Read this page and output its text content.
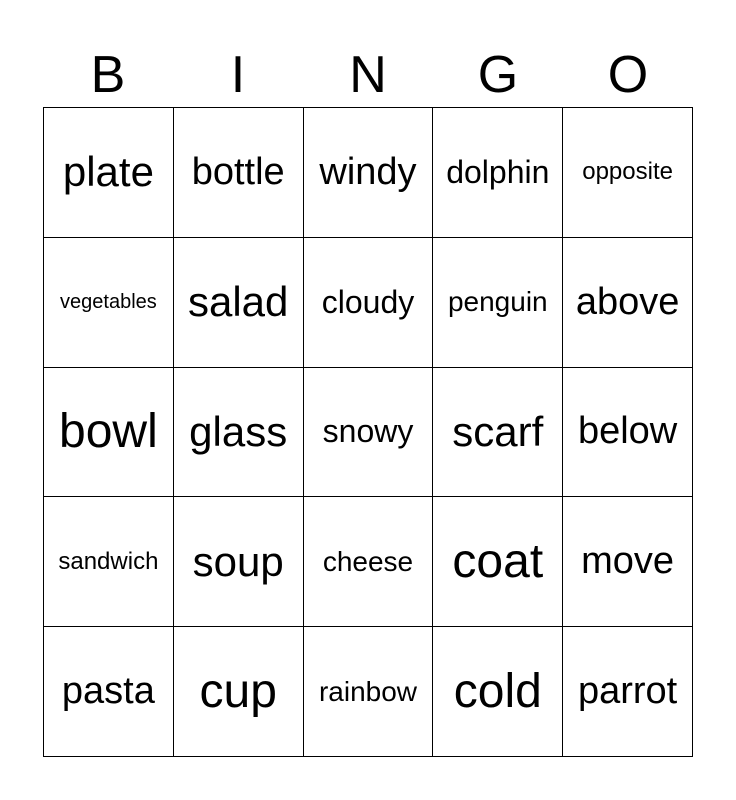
B	I	N	G	O
plate bottle windy dolphin opposite
vegetables salad cloudy penguin above
bowl glass snowy scarf below
sandwich soup cheese coat move
pasta cup rainbow cold parrot
